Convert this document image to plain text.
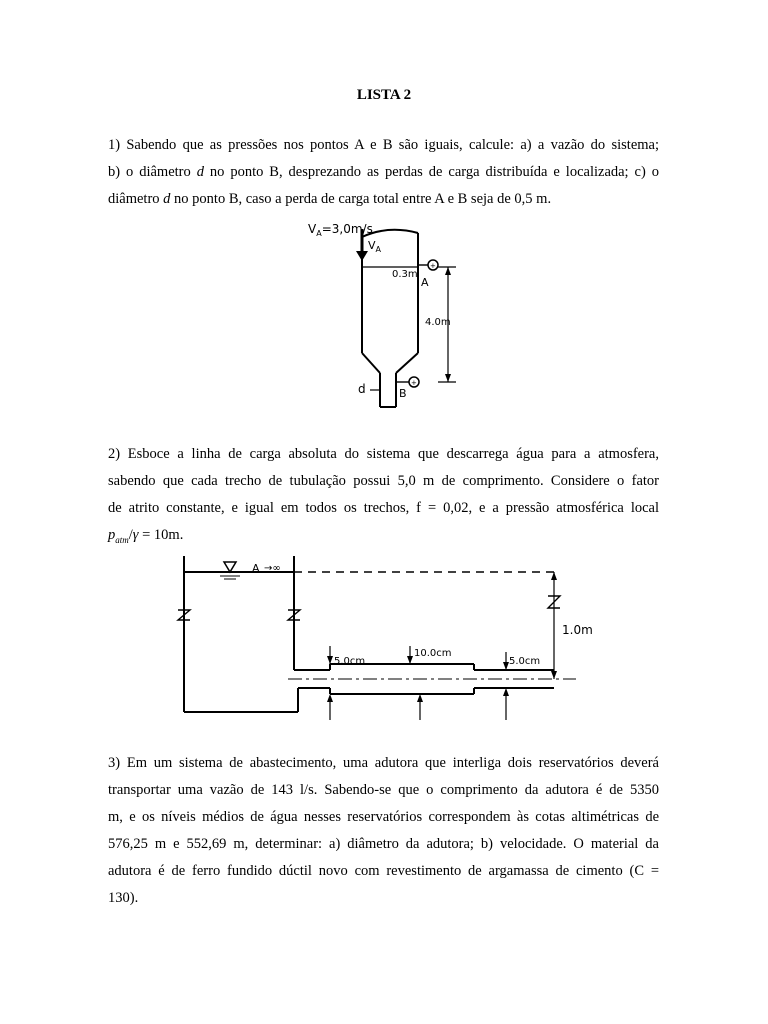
LISTA 2
1) Sabendo que as pressões nos pontos A e B são iguais, calcule: a) a vazão do sistema;
b) o diâmetro d no ponto B, desprezando as perdas de carga distribuída e localizada; c) o
diâmetro d no ponto B, caso a perda de carga total entre A e B seja de 0,5 m.
+
+
$V_A=3,0m/s$
$V_A$
0.3m
A
4.0m
d	B
2) Esboce a linha de carga absoluta do sistema que descarrega água para a atmosfera,
sabendo que cada trecho de tubulação possui 5,0 m de comprimento. Considere o fator
de atrito constante, e igual em todos os trechos, f = 0,02, e a pressão atmosférica local
$p_{atm}/\gamma = 10m$.
A →∞
5.0cm
10.0cm
5.0cm
1.0m
3) Em um sistema de abastecimento, uma adutora que interliga dois reservatórios deverá
transportar uma vazão de 143 l/s. Sabendo-se que o comprimento da adutora é de 5350
m, e os níveis médios de água nesses reservatórios correspondem às cotas altimétricas de
576,25 m e 552,69 m, determinar: a) diâmetro da adutora; b) velocidade. O material da
adutora é de ferro fundido dúctil novo com revestimento de argamassa de cimento (C =
130).
